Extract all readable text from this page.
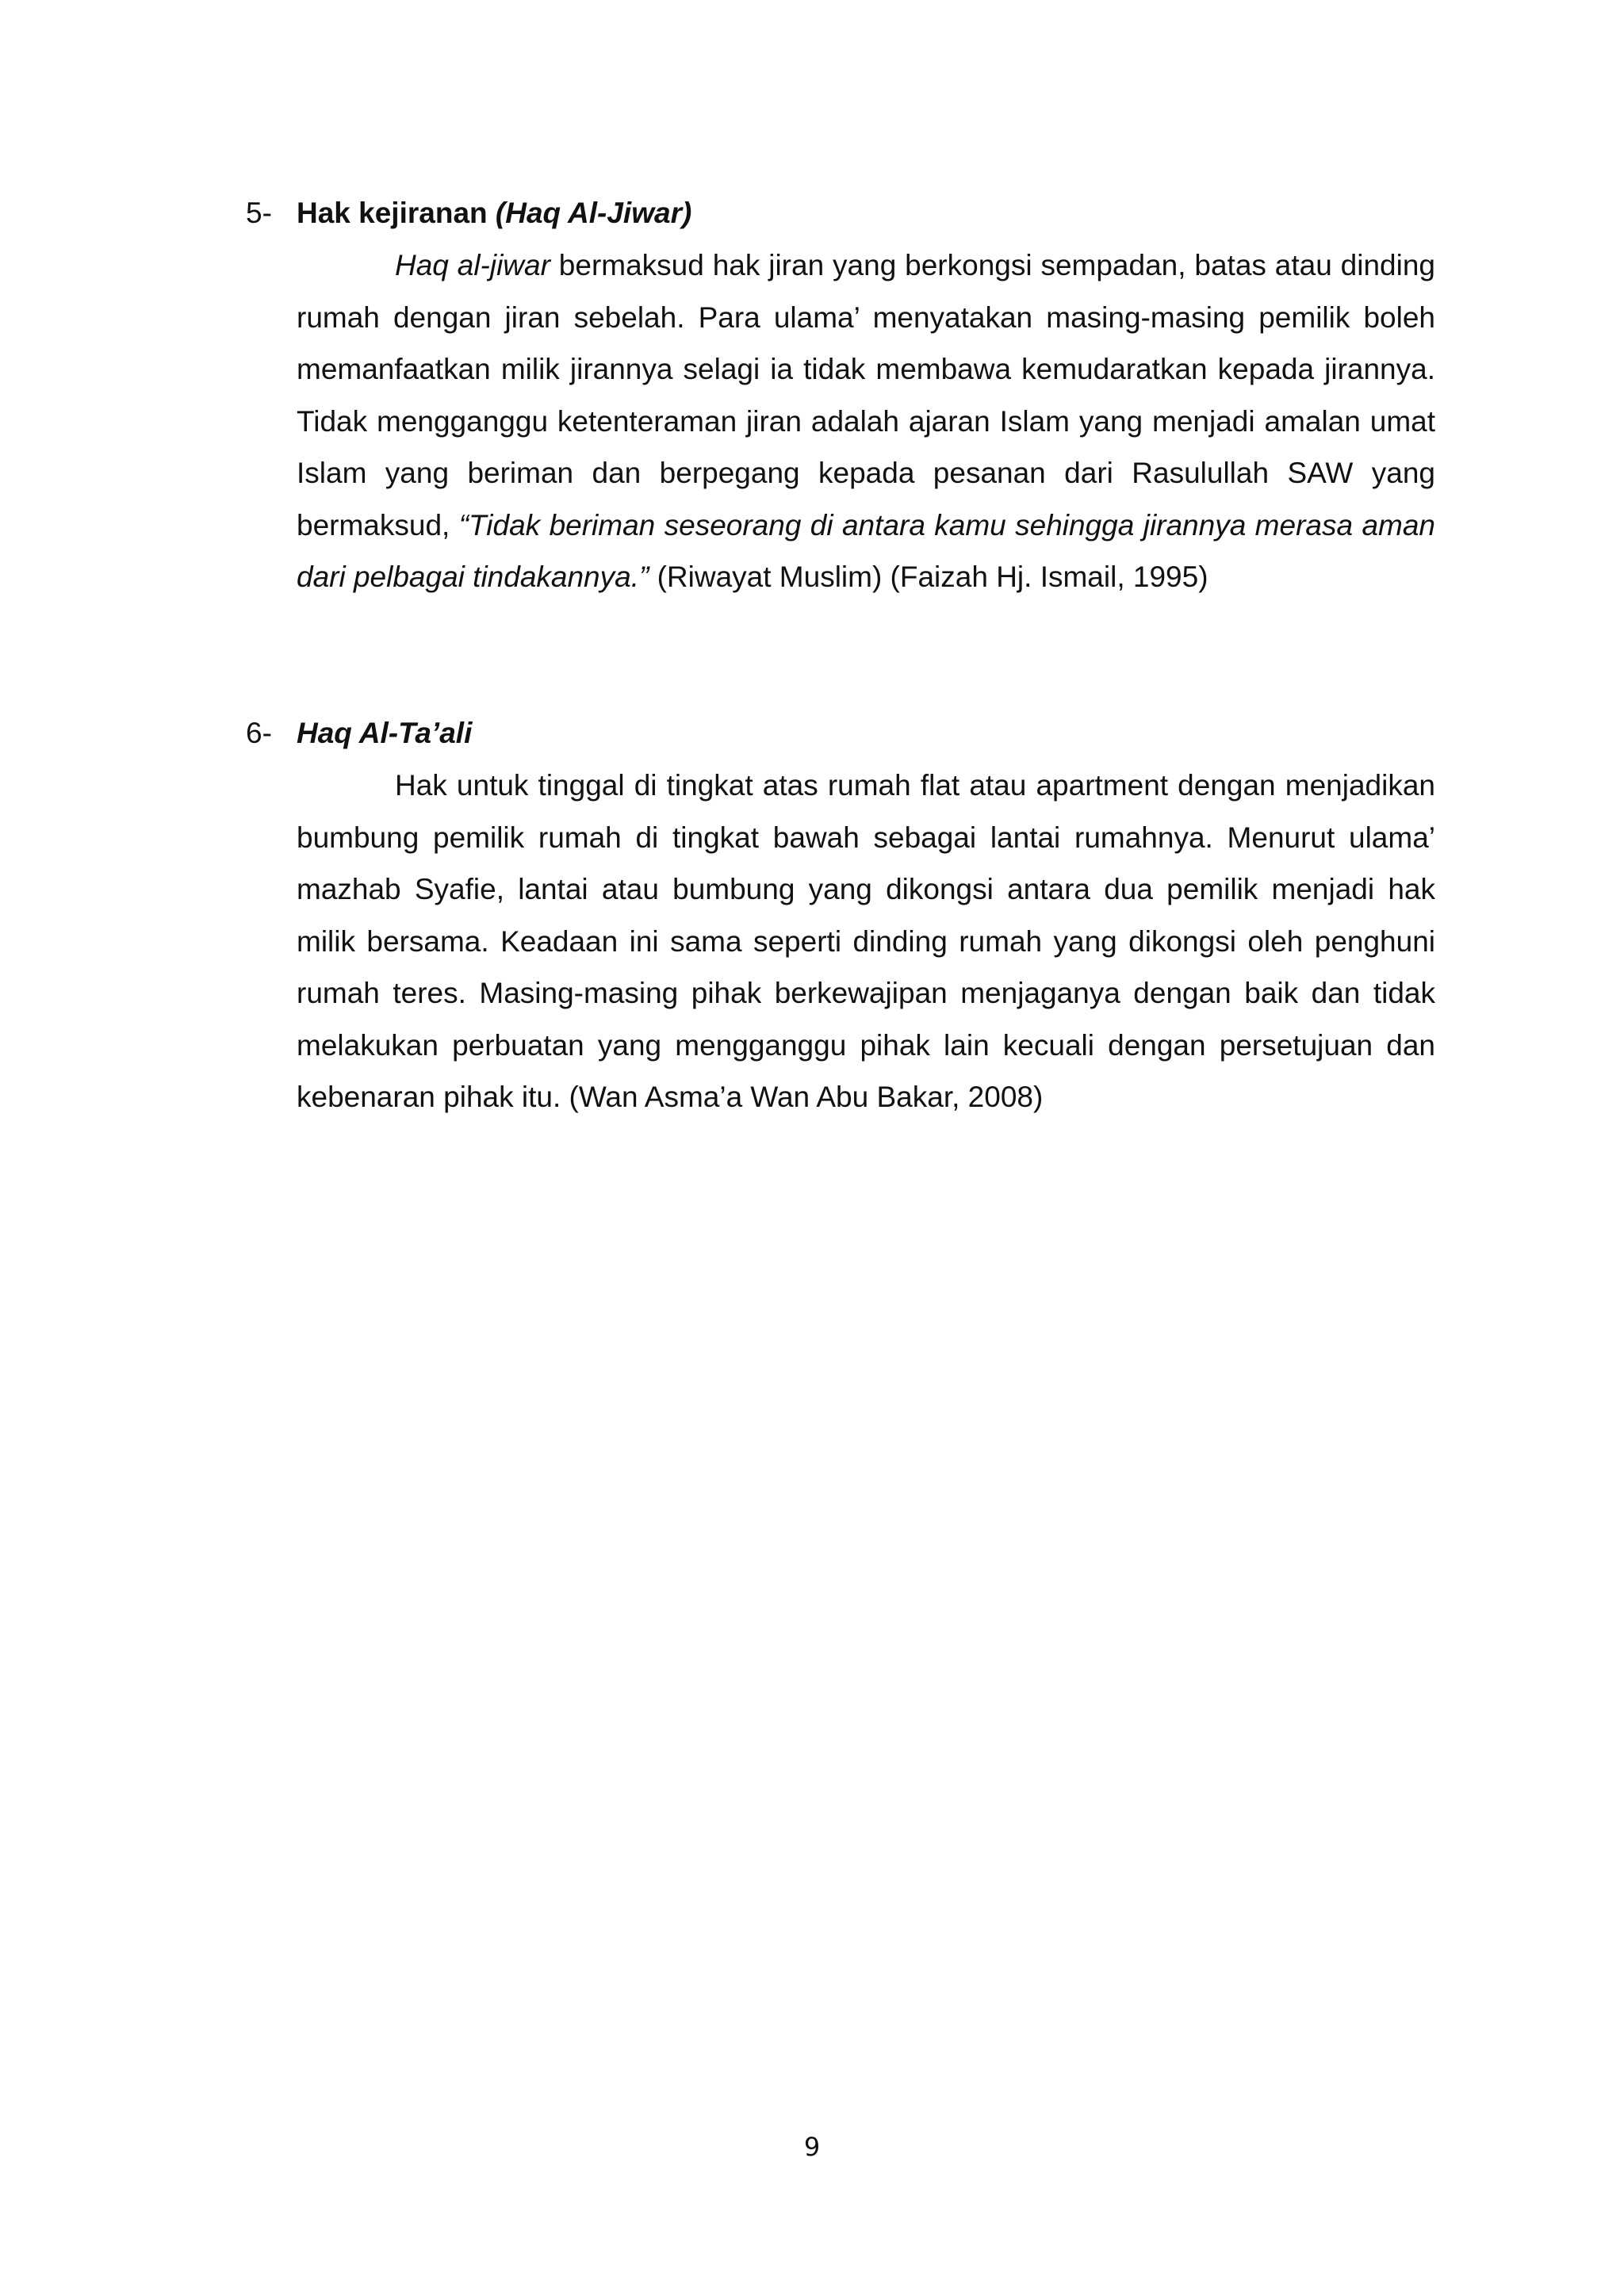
5- Hak kejiranan (Haq Al-Jiwar)

Haq al-jiwar bermaksud hak jiran yang berkongsi sempadan, batas atau dinding rumah dengan jiran sebelah. Para ulama’ menyatakan masing-masing pemilik boleh memanfaatkan milik jirannya selagi ia tidak membawa kemudaratkan kepada jirannya. Tidak mengganggu ketenteraman jiran adalah ajaran Islam yang menjadi amalan umat Islam yang beriman dan berpegang kepada pesanan dari Rasulullah SAW yang bermaksud, “Tidak beriman seseorang di antara kamu sehingga jirannya merasa aman dari pelbagai tindakannya.” (Riwayat Muslim) (Faizah Hj. Ismail, 1995)

6- Haq Al-Ta’ali

Hak untuk tinggal di tingkat atas rumah flat atau apartment dengan menjadikan bumbung pemilik rumah di tingkat bawah sebagai lantai rumahnya. Menurut ulama’ mazhab Syafie, lantai atau bumbung yang dikongsi antara dua pemilik menjadi hak milik bersama. Keadaan ini sama seperti dinding rumah yang dikongsi oleh penghuni rumah teres. Masing-masing pihak berkewajipan menjaganya dengan baik dan tidak melakukan perbuatan yang mengganggu pihak lain kecuali dengan persetujuan dan kebenaran pihak itu. (Wan Asma’a Wan Abu Bakar, 2008)

9
